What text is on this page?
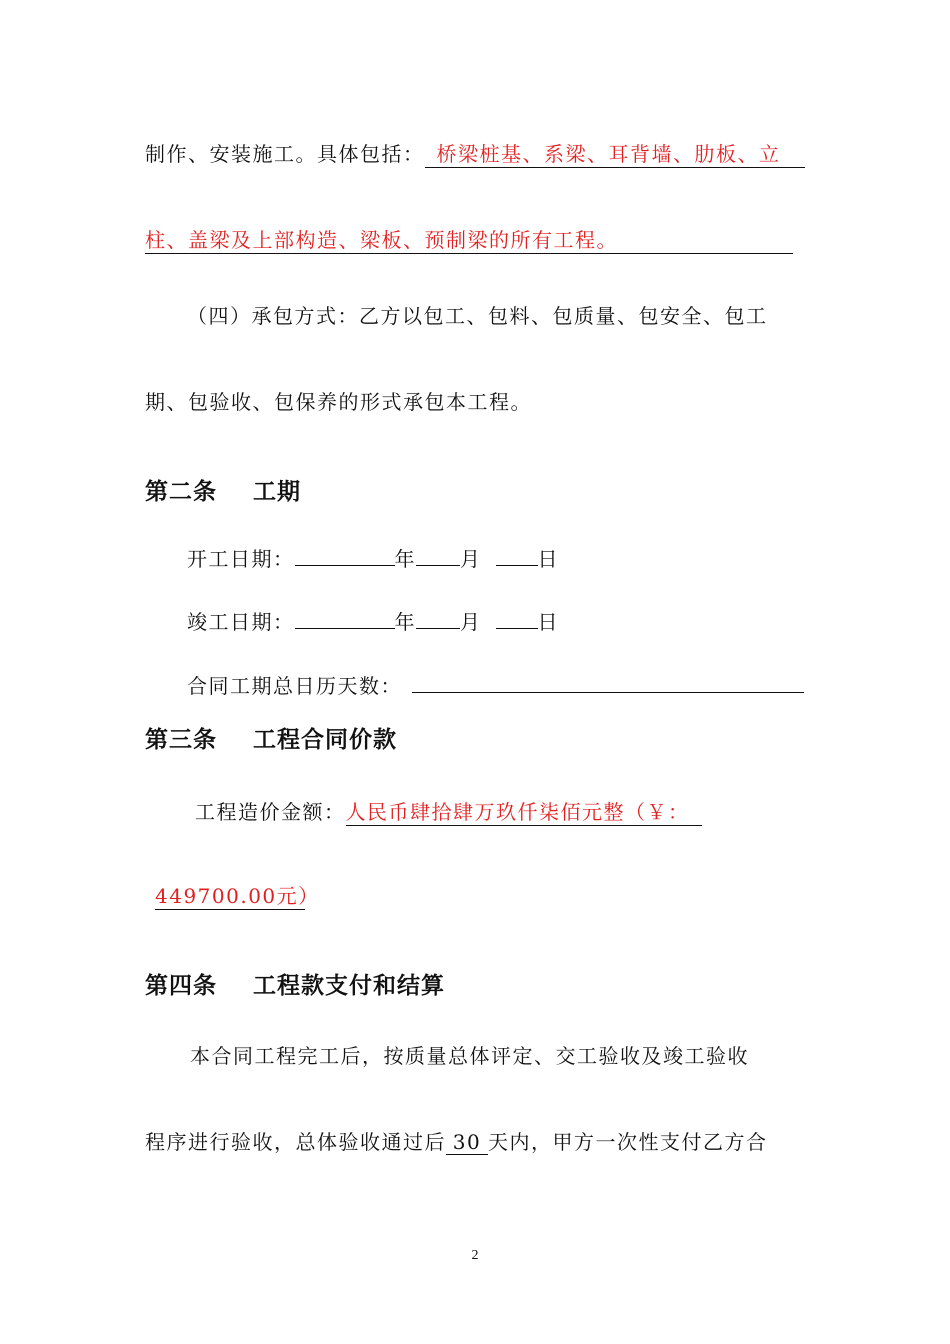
制作、安装施工。具体包括： 桥梁桩基、系梁、耳背墙、肋板、立
柱、盖梁及上部构造、梁板、预制梁的所有工程。
（四）承包方式：乙方以包工、包料、包质量、包安全、包工
期、包验收、包保养的形式承包本工程。
第二条 工期
开工日期：	年 月	日
竣工日期：	年 月	日
合同工期总日历天数：
第三条 工程合同价款
工程造价金额：人民币肆拾肆万玖仟柒佰元整（￥：
449700.00元）
第四条 工程款支付和结算
本合同工程完工后，按质量总体评定、交工验收及竣工验收
程序进行验收，总体验收通过后 30 天内，甲方一次性支付乙方合
2
